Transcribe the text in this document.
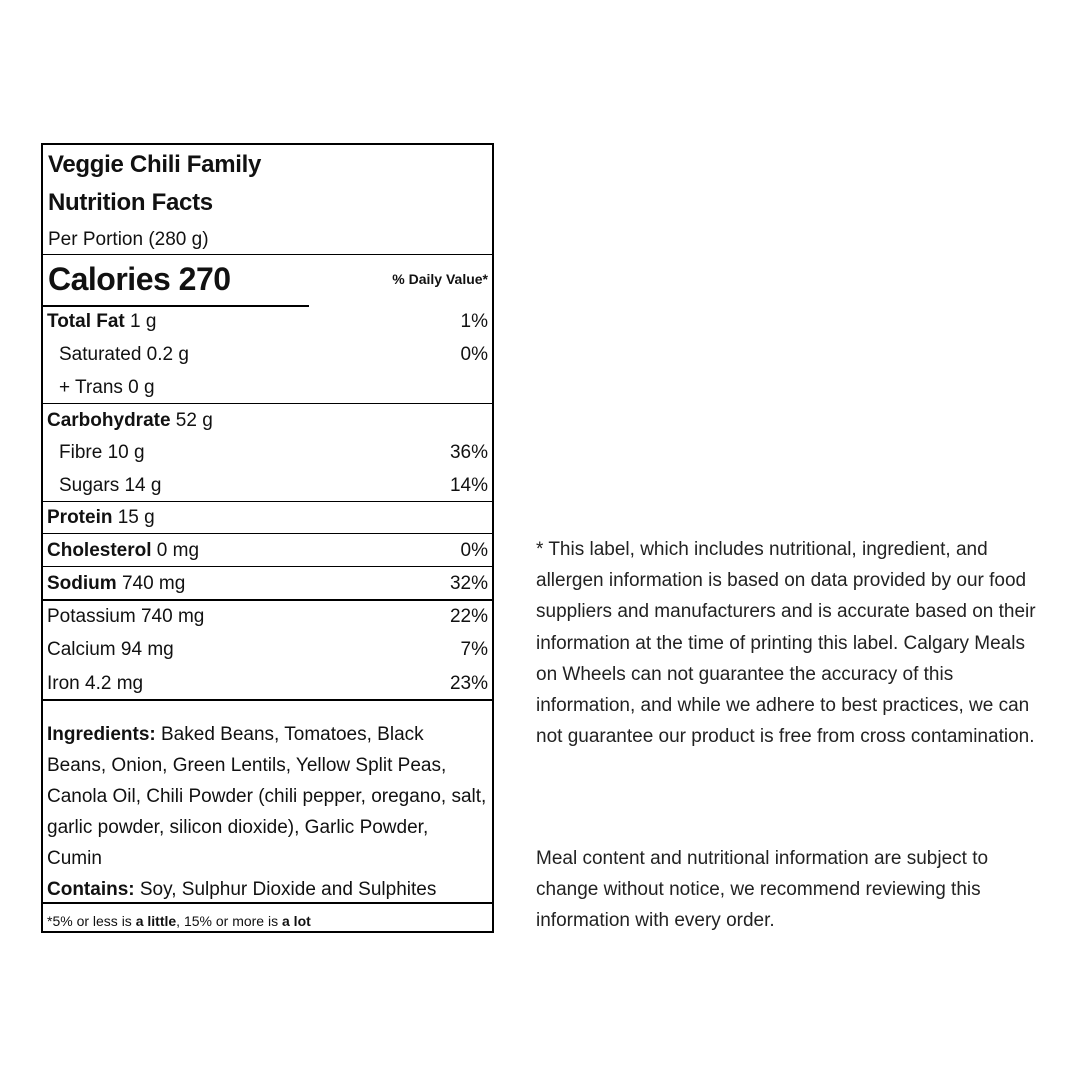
Veggie Chili Family
Nutrition Facts
Per Portion (280 g)
Calories 270	% Daily Value*
Total Fat 1 g	1%
Saturated 0.2 g	0%
+ Trans 0 g
Carbohydrate 52 g
Fibre 10 g	36%
Sugars 14 g	14%
Protein 15 g
Cholesterol 0 mg	0%
Sodium 740 mg	32%
Potassium 740 mg	22%
Calcium 94 mg	7%
Iron 4.2 mg	23%
Ingredients: Baked Beans, Tomatoes, Black Beans, Onion, Green Lentils, Yellow Split Peas, Canola Oil, Chili Powder (chili pepper, oregano, salt, garlic powder, silicon dioxide), Garlic Powder, Cumin
Contains: Soy, Sulphur Dioxide and Sulphites
*5% or less is a little, 15% or more is a lot
* This label, which includes nutritional, ingredient, and allergen information is based on data provided by our food suppliers and manufacturers and is accurate based on their information at the time of printing this label. Calgary Meals on Wheels can not guarantee the accuracy of this information, and while we adhere to best practices, we can not guarantee our product is free from cross contamination.
Meal content and nutritional information are subject to change without notice, we recommend reviewing this information with every order.
